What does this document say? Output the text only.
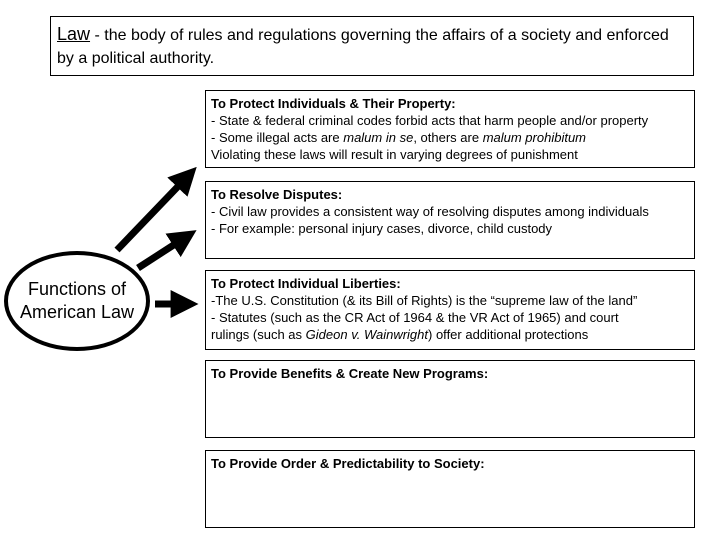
Law - the body of rules and regulations governing the affairs of a society and enforced by a political authority.
Functions of
American Law

To Protect Individuals & Their Property:

- State & federal criminal codes forbid acts that harm people and/or property

- Some illegal acts are malum in se, others are malum prohibitum

Violating these laws will result in varying degrees of punishment

To Resolve Disputes:

- Civil law provides a consistent way of resolving disputes among individuals

- For example: personal injury cases, divorce, child custody

To Protect Individual Liberties:

-The U.S. Constitution (& its Bill of Rights) is the “supreme law of the land”

- Statutes (such as the CR Act of 1964 & the VR Act of 1965) and court

rulings (such as Gideon v. Wainwright) offer additional protections

To Provide Benefits & Create New Programs:

To Provide Order & Predictability to Society:
